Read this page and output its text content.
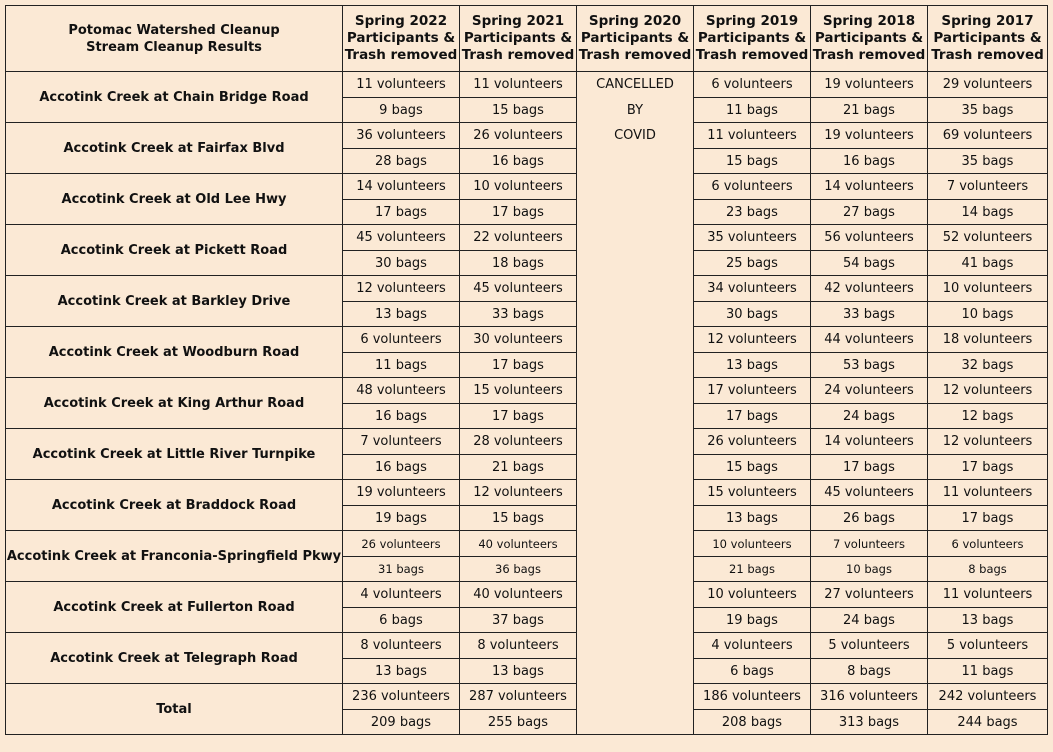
Potomac Watershed Cleanup
Stream Cleanup Results	Spring 2022
Participants &
Trash removed	Spring 2021
Participants &
Trash removed	Spring 2020
Participants &
Trash removed	Spring 2019
Participants &
Trash removed	Spring 2018
Participants &
Trash removed	Spring 2017
Participants &
Trash removed
Accotink Creek at Chain Bridge Road	11 volunteers	11 volunteers	CANCELLED	6 volunteers	19 volunteers	29 volunteers
	9 bags	15 bags	BY	11 bags	21 bags	35 bags
Accotink Creek at Fairfax Blvd	36 volunteers	26 volunteers	COVID	11 volunteers	19 volunteers	69 volunteers
	28 bags	16 bags		15 bags	16 bags	35 bags
Accotink Creek at Old Lee Hwy	14 volunteers	10 volunteers		6 volunteers	14 volunteers	7 volunteers
	17 bags	17 bags		23 bags	27 bags	14 bags
Accotink Creek at Pickett Road	45 volunteers	22 volunteers		35 volunteers	56 volunteers	52 volunteers
	30 bags	18 bags		25 bags	54 bags	41 bags
Accotink Creek at Barkley Drive	12 volunteers	45 volunteers		34 volunteers	42 volunteers	10 volunteers
	13 bags	33 bags		30 bags	33 bags	10 bags
Accotink Creek at Woodburn Road	6 volunteers	30 volunteers		12 volunteers	44 volunteers	18 volunteers
	11 bags	17 bags		13 bags	53 bags	32 bags
Accotink Creek at King Arthur Road	48 volunteers	15 volunteers		17 volunteers	24 volunteers	12 volunteers
	16 bags	17 bags		17 bags	24 bags	12 bags
Accotink Creek at Little River Turnpike	7 volunteers	28 volunteers		26 volunteers	14 volunteers	12 volunteers
	16 bags	21 bags		15 bags	17 bags	17 bags
Accotink Creek at Braddock Road	19 volunteers	12 volunteers		15 volunteers	45 volunteers	11 volunteers
	19 bags	15 bags		13 bags	26 bags	17 bags
Accotink Creek at Franconia-Springfield Pkwy	26 volunteers	40 volunteers		10 volunteers	7 volunteers	6 volunteers
	31 bags	36 bags		21 bags	10 bags	8 bags
Accotink Creek at Fullerton Road	4 volunteers	40 volunteers		10 volunteers	27 volunteers	11 volunteers
	6 bags	37 bags		19 bags	24 bags	13 bags
Accotink Creek at Telegraph Road	8 volunteers	8 volunteers		4 volunteers	5 volunteers	5 volunteers
	13 bags	13 bags		6 bags	8 bags	11 bags
Total	236 volunteers	287 volunteers		186 volunteers	316 volunteers	242 volunteers
	209 bags	255 bags		208 bags	313 bags	244 bags
